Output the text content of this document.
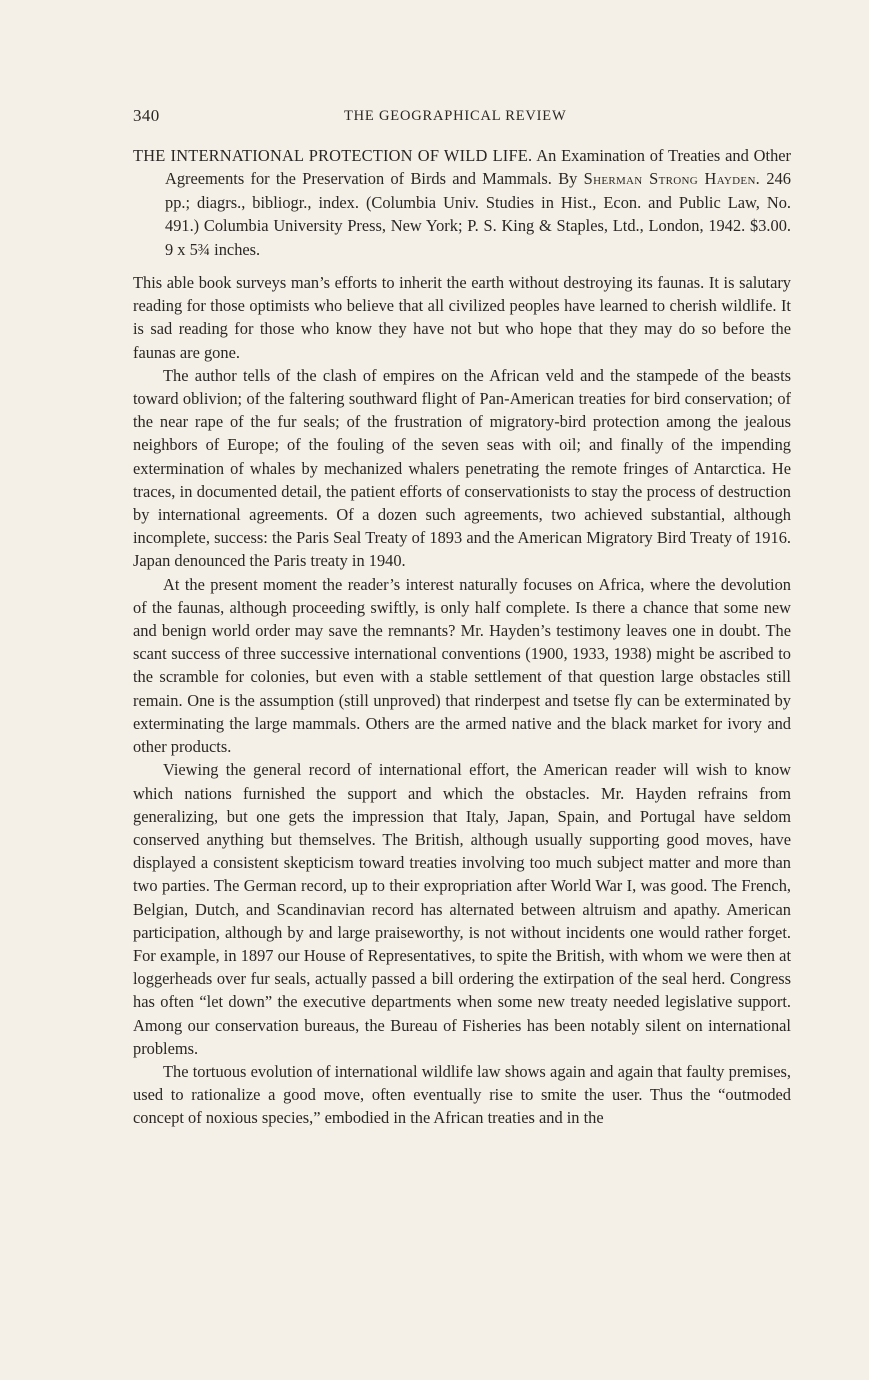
340	THE GEOGRAPHICAL REVIEW

THE INTERNATIONAL PROTECTION OF WILD LIFE. An Examination of Treaties and Other Agreements for the Preservation of Birds and Mammals. By Sherman Strong Hayden. 246 pp.; diagrs., bibliogr., index. (Columbia Univ. Studies in Hist., Econ. and Public Law, No. 491.) Columbia University Press, New York; P. S. King & Staples, Ltd., London, 1942. $3.00. 9 x 5¾ inches.

This able book surveys man’s efforts to inherit the earth without destroying its faunas. It is salutary reading for those optimists who believe that all civilized peoples have learned to cherish wildlife. It is sad reading for those who know they have not but who hope that they may do so before the faunas are gone.

The author tells of the clash of empires on the African veld and the stampede of the beasts toward oblivion; of the faltering southward flight of Pan-American treaties for bird conservation; of the near rape of the fur seals; of the frustration of migratory-bird protection among the jealous neighbors of Europe; of the fouling of the seven seas with oil; and finally of the impending extermination of whales by mechanized whalers penetrating the remote fringes of Antarctica. He traces, in documented detail, the patient efforts of conservationists to stay the process of destruction by international agreements. Of a dozen such agreements, two achieved substantial, although incomplete, success: the Paris Seal Treaty of 1893 and the American Migratory Bird Treaty of 1916. Japan denounced the Paris treaty in 1940.

At the present moment the reader’s interest naturally focuses on Africa, where the devolution of the faunas, although proceeding swiftly, is only half complete. Is there a chance that some new and benign world order may save the remnants? Mr. Hayden’s testimony leaves one in doubt. The scant success of three successive international conventions (1900, 1933, 1938) might be ascribed to the scramble for colonies, but even with a stable settlement of that question large obstacles still remain. One is the assumption (still unproved) that rinderpest and tsetse fly can be exterminated by exterminating the large mammals. Others are the armed native and the black market for ivory and other products.

Viewing the general record of international effort, the American reader will wish to know which nations furnished the support and which the obstacles. Mr. Hayden refrains from generalizing, but one gets the impression that Italy, Japan, Spain, and Portugal have seldom conserved anything but themselves. The British, although usually supporting good moves, have displayed a consistent skepticism toward treaties involving too much subject matter and more than two parties. The German record, up to their expropriation after World War I, was good. The French, Belgian, Dutch, and Scandinavian record has alternated between altruism and apathy. American participation, although by and large praiseworthy, is not without incidents one would rather forget. For example, in 1897 our House of Representatives, to spite the British, with whom we were then at loggerheads over fur seals, actually passed a bill ordering the extirpation of the seal herd. Congress has often “let down” the executive departments when some new treaty needed legislative support. Among our conservation bureaus, the Bureau of Fisheries has been notably silent on international problems.

The tortuous evolution of international wildlife law shows again and again that faulty premises, used to rationalize a good move, often eventually rise to smite the user. Thus the “outmoded concept of noxious species,” embodied in the African treaties and in the
